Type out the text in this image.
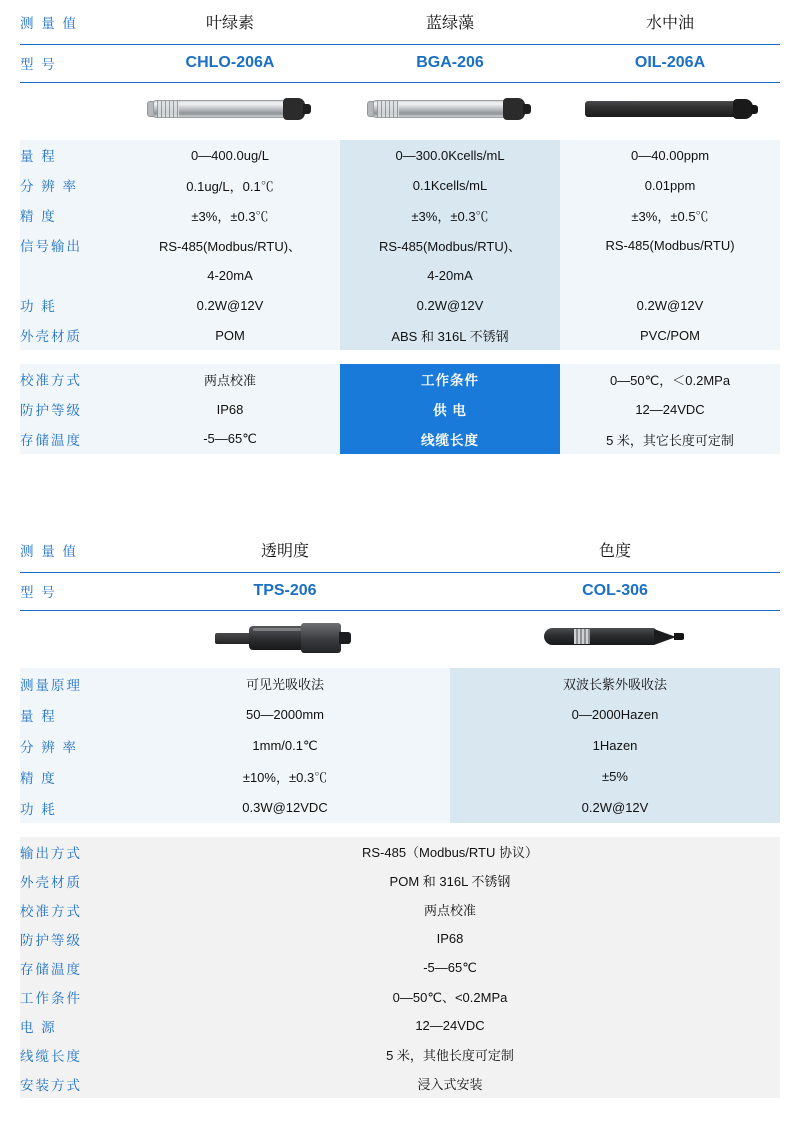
测 量 值	叶绿素	蓝绿藻	水中油
型 号	CHLO-206A	BGA-206	OIL-206A

量 程	0—400.0ug/L	0—300.0Kcells/mL	0—40.00ppm
分 辨 率	0.1ug/L，0.1℃	0.1Kcells/mL	0.01ppm
精 度	±3%，±0.3℃	±3%，±0.3℃	±3%，±0.5℃
信号输出	RS-485(Modbus/RTU)、	RS-485(Modbus/RTU)、	RS-485(Modbus/RTU)
	4-20mA	4-20mA	
功 耗	0.2W@12V	0.2W@12V	0.2W@12V
外壳材质	POM	ABS 和 316L 不锈钢	PVC/POM

校准方式	两点校准	工作条件	0—50℃，＜0.2MPa
防护等级	IP68	供 电	12—24VDC
存储温度	-5—65℃	线缆长度	5 米，其它长度可定制
测 量 值	透明度	色度
型 号	TPS-206	COL-306

测量原理	可见光吸收法	双波长紫外吸收法
量 程	50—2000mm	0—2000Hazen
分 辨 率	1mm/0.1℃	1Hazen
精 度	±10%，±0.3℃	±5%
功 耗	0.3W@12VDC	0.2W@12V

输出方式	RS-485（Modbus/RTU 协议）	
外壳材质	POM 和 316L 不锈钢	
校准方式	两点校准	
防护等级	IP68	
存储温度	-5—65℃	
工作条件	0—50℃、<0.2MPa	
电 源	12—24VDC	
线缆长度	5 米，其他长度可定制	
安装方式	浸入式安装	
